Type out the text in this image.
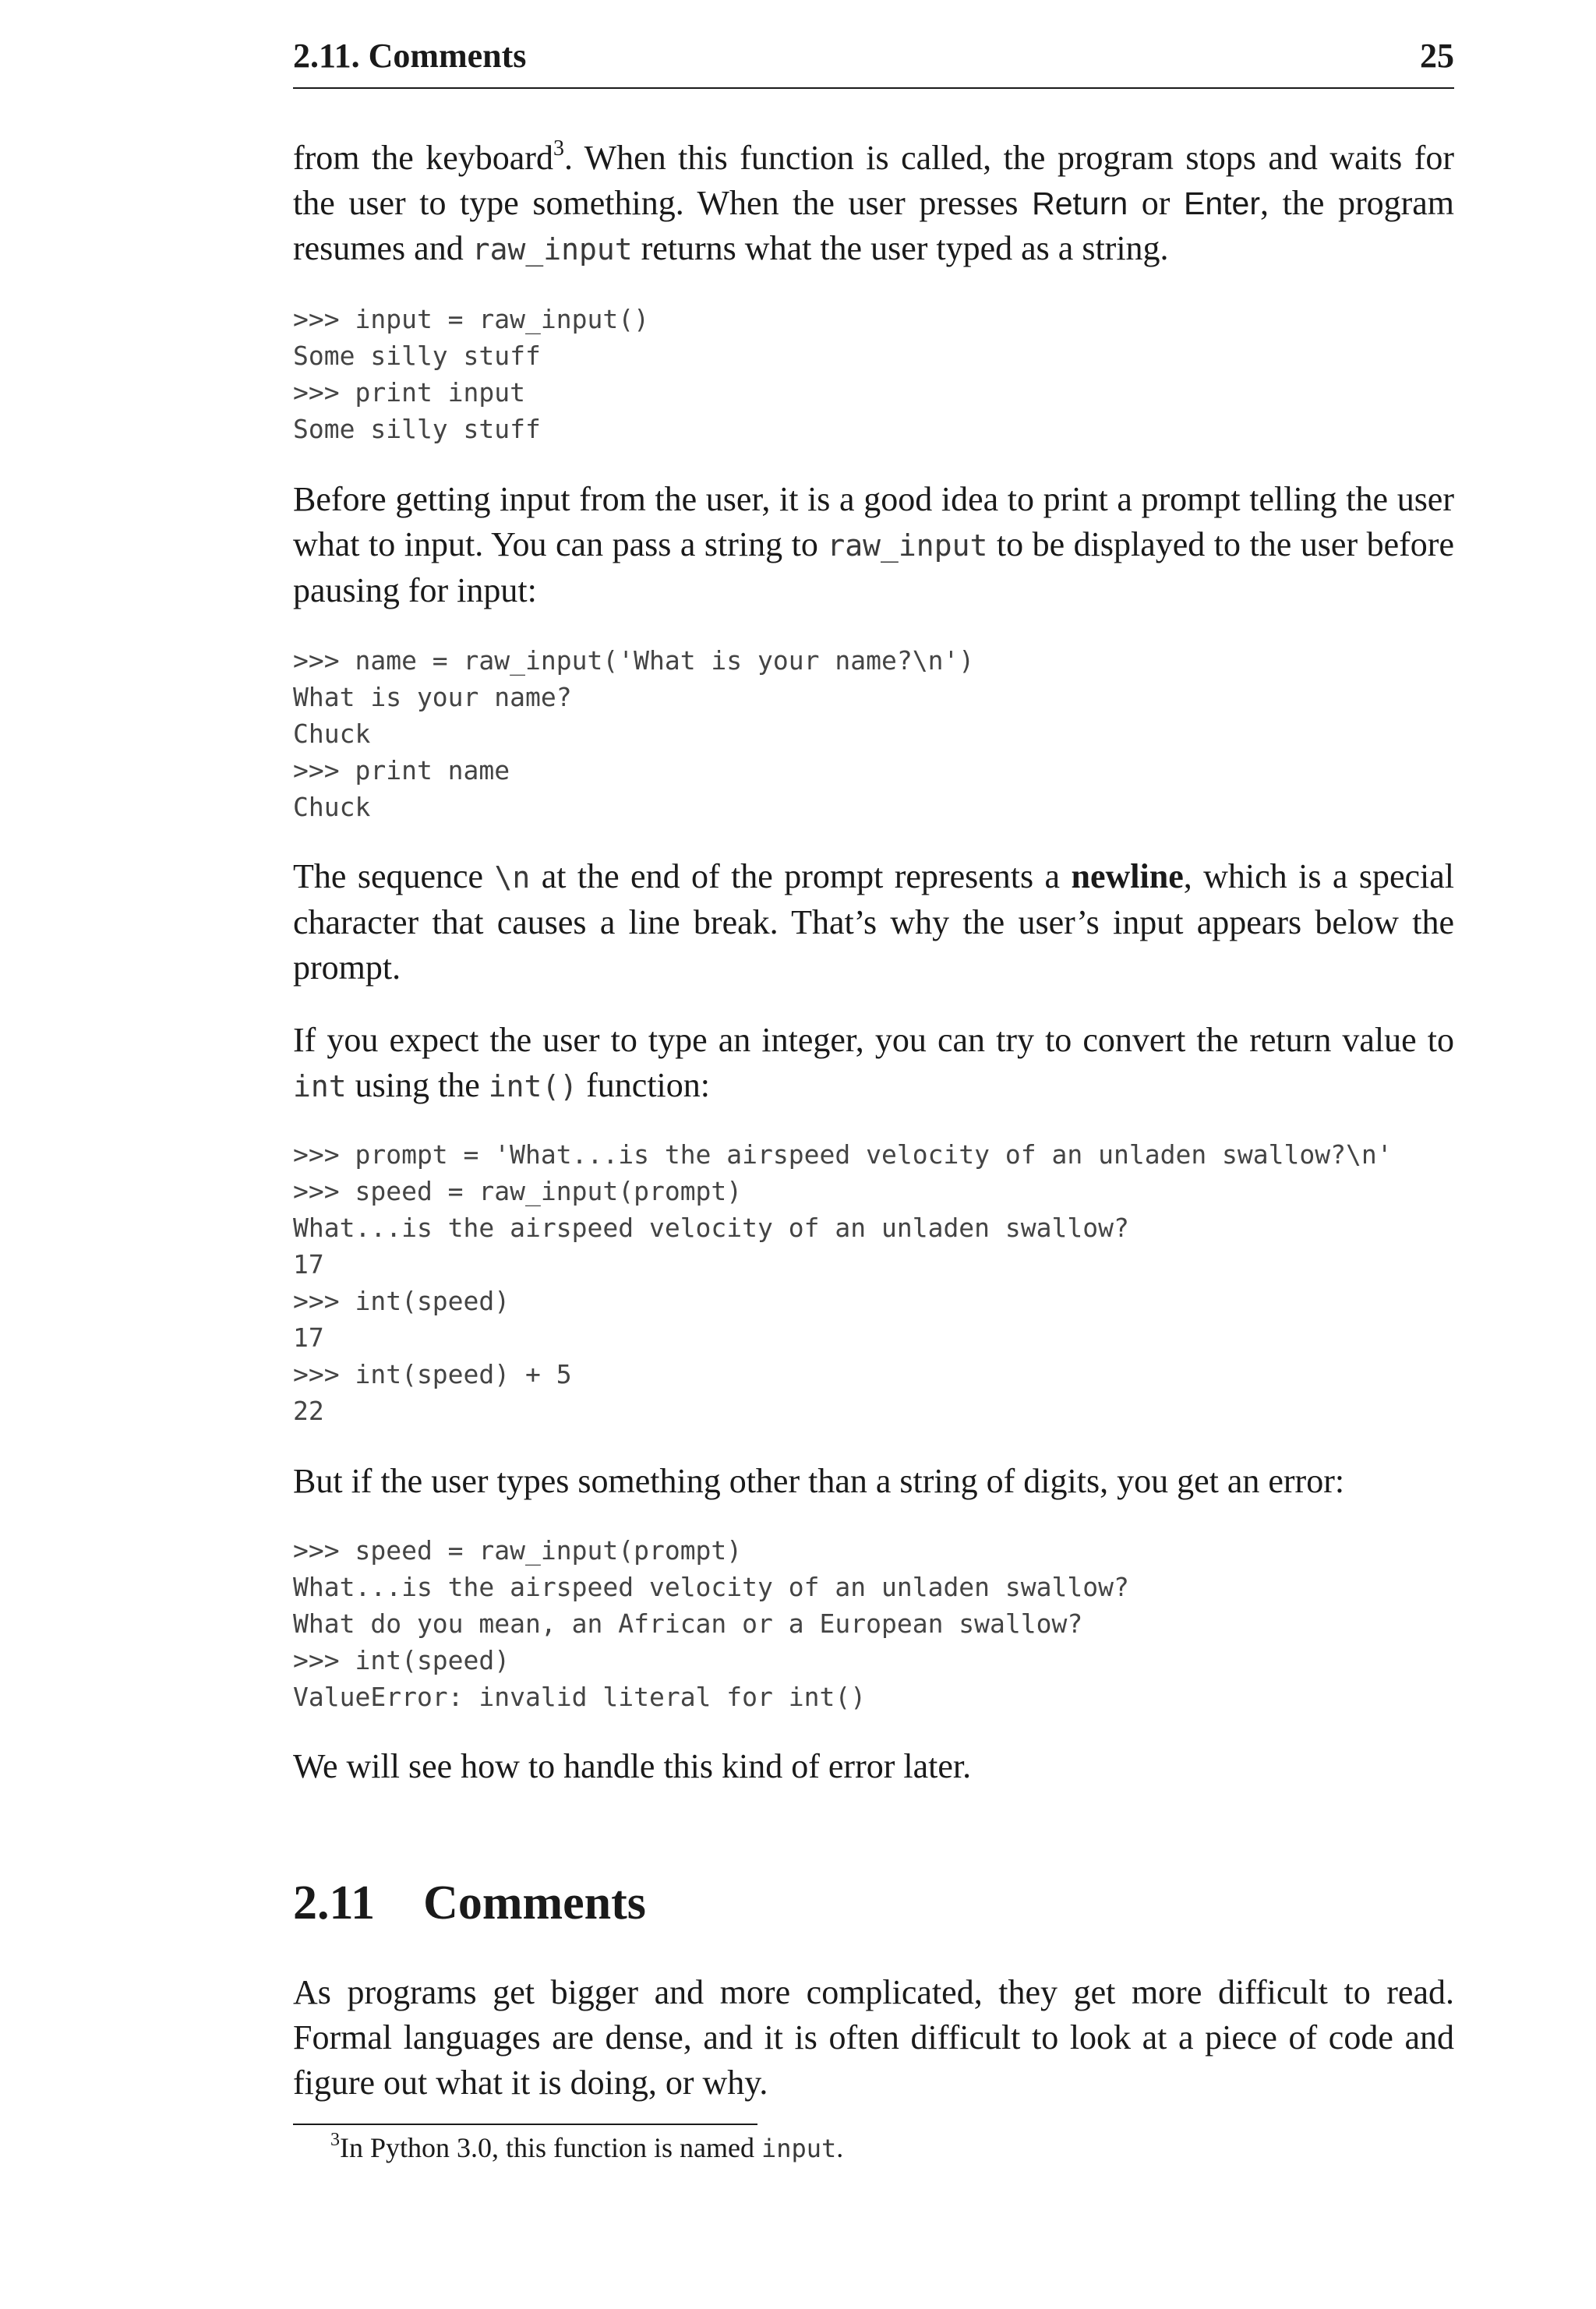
2.11. Comments	25

from the keyboard$^3$. When this function is called, the program stops and waits for the user to type something. When the user presses Return or Enter, the program resumes and raw_input returns what the user typed as a string.

>>> input = raw_input()
Some silly stuff
>>> print input
Some silly stuff

Before getting input from the user, it is a good idea to print a prompt telling the user what to input. You can pass a string to raw_input to be displayed to the user before pausing for input:

>>> name = raw_input('What is your name?\n')
What is your name?
Chuck
>>> print name
Chuck

The sequence \n at the end of the prompt represents a newline, which is a special character that causes a line break. That’s why the user’s input appears below the prompt.

If you expect the user to type an integer, you can try to convert the return value to int using the int() function:

>>> prompt = 'What...is the airspeed velocity of an unladen swallow?\n'
>>> speed = raw_input(prompt)
What...is the airspeed velocity of an unladen swallow?
17
>>> int(speed)
17
>>> int(speed) + 5
22

But if the user types something other than a string of digits, you get an error:

>>> speed = raw_input(prompt)
What...is the airspeed velocity of an unladen swallow?
What do you mean, an African or a European swallow?
>>> int(speed)
ValueError: invalid literal for int()

We will see how to handle this kind of error later.

2.11 Comments

As programs get bigger and more complicated, they get more difficult to read. Formal languages are dense, and it is often difficult to look at a piece of code and figure out what it is doing, or why.

$^3$In Python 3.0, this function is named input.
